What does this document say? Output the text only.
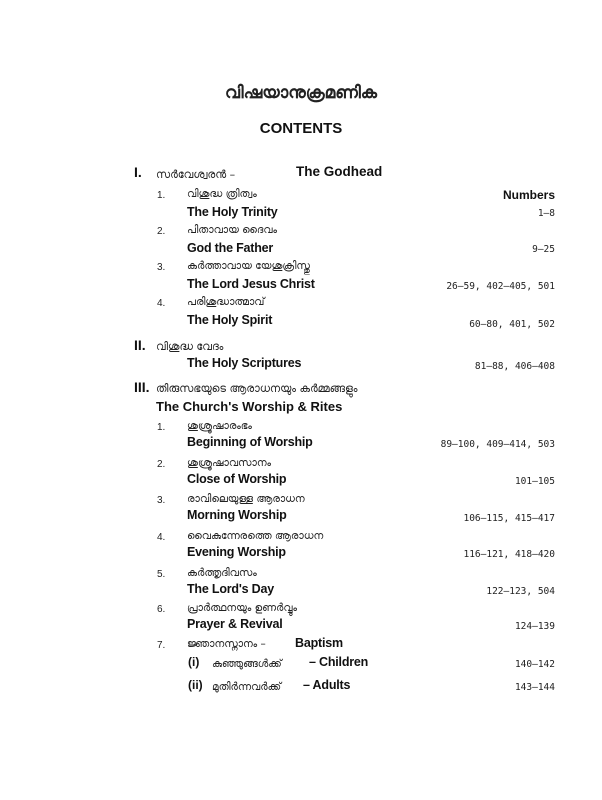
വിഷയാനുക്രമണിക
CONTENTS
I. സർവേശ്വരൻ –	The Godhead
Numbers
1. വിശുദ്ധ ത്രിത്വം
The Holy Trinity	1–8
2. പിതാവായ ദൈവം
God the Father	9–25
3. കർത്താവായ യേശുക്രിസ്തു
The Lord Jesus Christ	26–59, 402–405, 501
4. പരിശുദ്ധാത്മാവ്
The Holy Spirit	60–80, 401, 502
II. വിശുദ്ധ വേദം
The Holy Scriptures	81–88, 406–408
III. തിരുസഭയുടെ ആരാധനയും കർമ്മങ്ങളും
The Church's Worship & Rites
1. ശുശ്രൂഷാരംഭം
Beginning of Worship	89–100, 409–414, 503
2. ശുശ്രൂഷാവസാനം
Close of Worship	101–105
3. രാവിലെയുള്ള ആരാധന
Morning Worship	106–115, 415–417
4. വൈകുന്നേരത്തെ ആരാധന
Evening Worship	116–121, 418–420
5. കർത്തൃദിവസം
The Lord's Day	122–123, 504
6. പ്രാർത്ഥനയും ഉണർവ്വും
Prayer & Revival	124–139
7. ജ്ഞാനസ്നാനം – Baptism
(i) കുഞ്ഞുങ്ങൾക്ക് – Children	140–142
(ii) മുതിർന്നവർക്ക് – Adults	143–144
